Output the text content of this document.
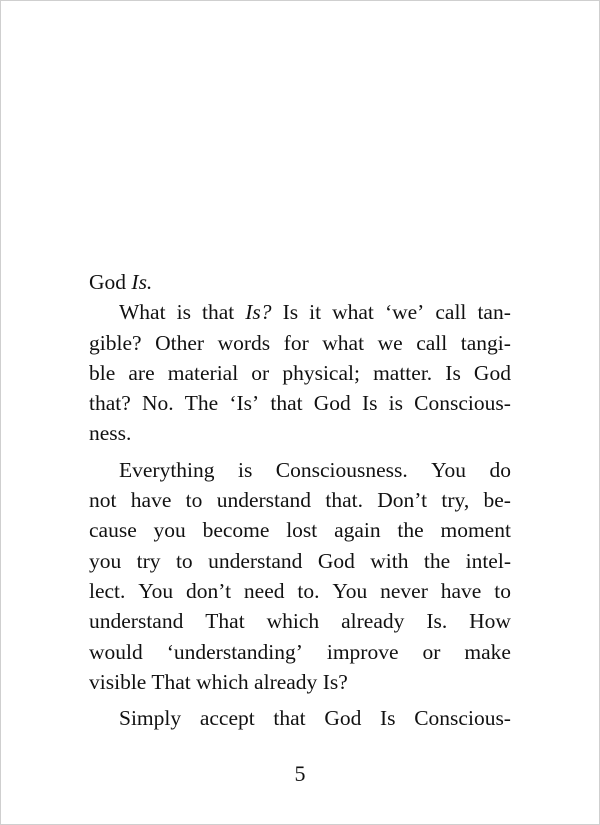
God Is.
What is that Is? Is it what ‘we’ call tan-
gible? Other words for what we call tangi-
ble are material or physical; matter. Is God
that? No. The ‘Is’ that God Is is Conscious-
ness.
Everything is Consciousness. You do
not have to understand that. Don’t try, be-
cause you become lost again the moment
you try to understand God with the intel-
lect. You don’t need to. You never have to
understand That which already Is. How
would ‘understanding’ improve or make
visible That which already Is?
Simply accept that God Is Conscious-
5
